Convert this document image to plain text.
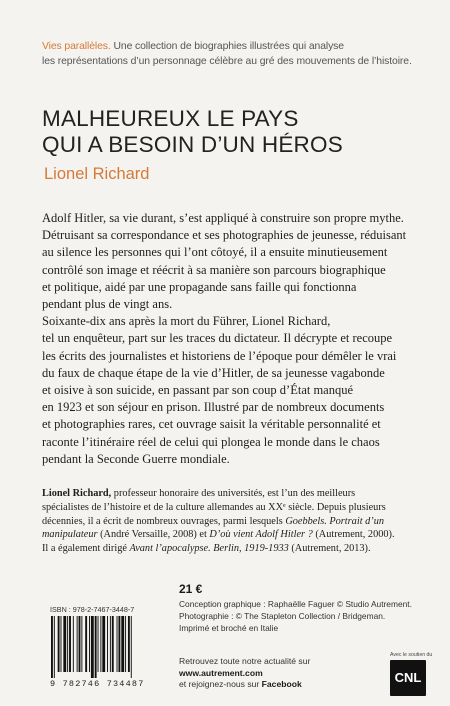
Vies parallèles. Une collection de biographies illustrées qui analyse
les représentations d’un personnage célèbre au gré des mouvements de l’histoire.
MALHEUREUX LE PAYS
QUI A BESOIN D’UN HÉROS
Lionel Richard

Adolf Hitler, sa vie durant, s’est appliqué à construire son propre mythe.
Détruisant sa correspondance et ses photographies de jeunesse, réduisant
au silence les personnes qui l’ont côtoyé, il a ensuite minutieusement
contrôlé son image et réécrit à sa manière son parcours biographique
et politique, aidé par une propagande sans faille qui fonctionna
pendant plus de vingt ans.

Soixante-dix ans après la mort du Führer, Lionel Richard,
tel un enquêteur, part sur les traces du dictateur. Il décrypte et recoupe
les écrits des journalistes et historiens de l’époque pour démêler le vrai
du faux de chaque étape de la vie d’Hitler, de sa jeunesse vagabonde
et oisive à son suicide, en passant par son coup d’État manqué
en 1923 et son séjour en prison. Illustré par de nombreux documents
et photographies rares, cet ouvrage saisit la véritable personnalité et
raconte l’itinéraire réel de celui qui plongea le monde dans le chaos
pendant la Seconde Guerre mondiale.

Lionel Richard, professeur honoraire des universités, est l’un des meilleurs
spécialistes de l’histoire et de la culture allemandes au XXᵉ siècle. Depuis plusieurs
décennies, il a écrit de nombreux ouvrages, parmi lesquels Goebbels. Portrait d’un
manipulateur (André Versaille, 2008) et D’où vient Adolf Hitler ? (Autrement, 2000).
Il a également dirigé Avant l’apocalypse. Berlin, 1919-1933 (Autrement, 2013).
ISBN : 978-2-7467-3448-7
9 782746 734487
21 €
Conception graphique : Raphaëlle Faguer © Studio Autrement.
Photographie : © The Stapleton Collection / Bridgeman.
Imprimé et broché en Italie
Retrouvez toute notre actualité sur
www.autrement.com
et rejoignez-nous sur Facebook
Avec le soutien du
CNL
